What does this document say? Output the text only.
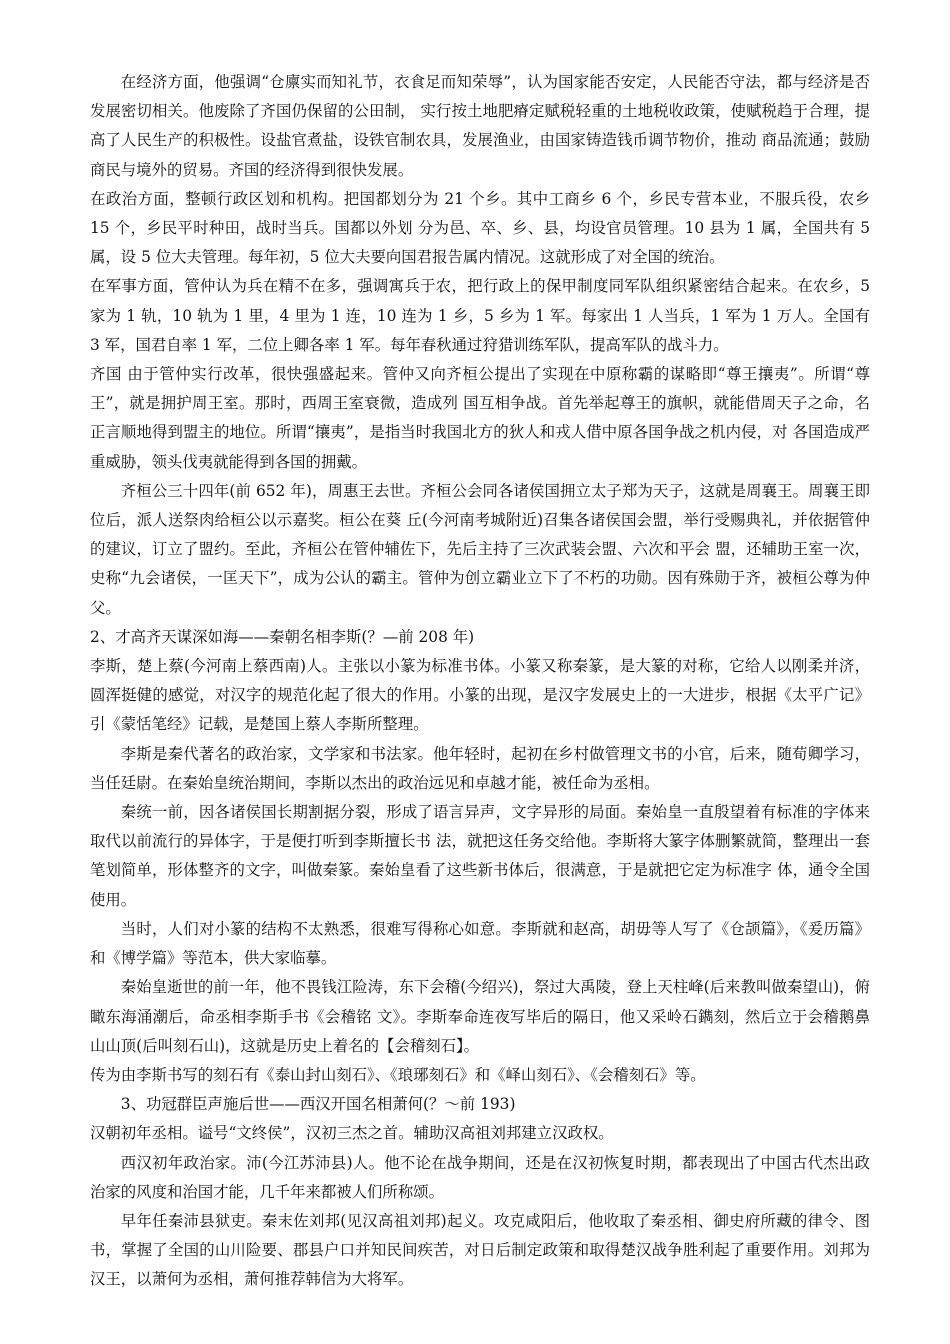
在经济方面，他强调“仓廪实而知礼节，衣食足而知荣辱”，认为国家能否安定，人民能否守法，都与经济是否发展密切相关。他废除了齐国仍保留的公田制， 实行按土地肥瘠定赋税轻重的土地税收政策，使赋税趋于合理，提高了人民生产的积极性。设盐官煮盐，设铁官制农具，发展渔业，由国家铸造钱币调节物价，推动 商品流通；鼓励商民与境外的贸易。齐国的经济得到很快发展。

在政治方面，整顿行政区划和机构。把国都划分为 21 个乡。其中工商乡 6 个，乡民专营本业，不服兵役，农乡 15 个，乡民平时种田，战时当兵。国都以外划 分为邑、卒、乡、县，均设官员管理。10 县为 1 属，全国共有 5 属，设 5 位大夫管理。每年初，5 位大夫要向国君报告属内情况。这就形成了对全国的统治。

在军事方面，管仲认为兵在精不在多，强调寓兵于农，把行政上的保甲制度同军队组织紧密结合起来。在农乡，5 家为 1 轨，10 轨为 1 里，4 里为 1 连，10 连为 1 乡，5 乡为 1 军。每家出 1 人当兵，1 军为 1 万人。全国有 3 军，国君自率 1 军，二位上卿各率 1 军。每年春秋通过狩猎训练军队，提高军队的战斗力。

齐国 由于管仲实行改革，很快强盛起来。管仲又向齐桓公提出了实现在中原称霸的谋略即“尊王攘夷”。所谓“尊王”，就是拥护周王室。那时，西周王室衰微，造成列 国互相争战。首先举起尊王的旗帜，就能借周天子之命，名正言顺地得到盟主的地位。所谓“攘夷”，是指当时我国北方的狄人和戎人借中原各国争战之机内侵，对 各国造成严重威胁，领头伐夷就能得到各国的拥戴。

齐桓公三十四年(前 652 年)，周惠王去世。齐桓公会同各诸侯国拥立太子郑为天子，这就是周襄王。周襄王即位后，派人送祭肉给桓公以示嘉奖。桓公在葵 丘(今河南考城附近)召集各诸侯国会盟，举行受赐典礼，并依据管仲的建议，订立了盟约。至此，齐桓公在管仲辅佐下，先后主持了三次武装会盟、六次和平会 盟，还辅助王室一次，史称“九会诸侯，一匡天下”，成为公认的霸主。管仲为创立霸业立下了不朽的功勋。因有殊勋于齐，被桓公尊为仲父。

2、才高齐天谋深如海——秦朝名相李斯(？—前 208 年)

李斯，楚上蔡(今河南上蔡西南)人。主张以小篆为标准书体。小篆又称秦篆，是大篆的对称，它给人以刚柔并济，圆浑挺健的感觉，对汉字的规范化起了很大的作用。小篆的出现，是汉字发展史上的一大进步，根据《太平广记》引《蒙恬笔经》记载，是楚国上蔡人李斯所整理。

李斯是秦代著名的政治家，文学家和书法家。他年轻时，起初在乡村做管理文书的小官，后来，随荀卿学习，当任廷尉。在秦始皇统治期间，李斯以杰出的政治远见和卓越才能，被任命为丞相。

秦统一前，因各诸侯国长期割据分裂，形成了语言异声，文字异形的局面。秦始皇一直殷望着有标准的字体来取代以前流行的异体字，于是便打听到李斯擅长书 法，就把这任务交给他。李斯将大篆字体删繁就简，整理出一套笔划简单，形体整齐的文字，叫做秦篆。秦始皇看了这些新书体后，很满意，于是就把它定为标准字 体，通令全国使用。

当时，人们对小篆的结构不太熟悉，很难写得称心如意。李斯就和赵高，胡毋等人写了《仓颉篇》，《爰历篇》和《博学篇》等范本，供大家临摹。

秦始皇逝世的前一年，他不畏钱江险涛，东下会稽(今绍兴)，祭过大禹陵，登上天柱峰(后来教叫做秦望山)，俯瞰东海涌潮后，命丞相李斯手书《会稽铭 文》。李斯奉命连夜写毕后的隔日，他又采岭石鐫刻，然后立于会稽鹅鼻山山顶(后叫刻石山)，这就是历史上着名的【会稽刻石】。

传为由李斯书写的刻石有《泰山封山刻石》、《琅琊刻石》和《峄山刻石》、《会稽刻石》等。

3、功冠群臣声施后世——西汉开国名相萧何(？～前 193)

汉朝初年丞相。谥号“文终侯”，汉初三杰之首。辅助汉高祖刘邦建立汉政权。

西汉初年政治家。沛(今江苏沛县)人。他不论在战争期间，还是在汉初恢复时期，都表现出了中国古代杰出政治家的风度和治国才能，几千年来都被人们所称颂。

早年任秦沛县狱吏。秦末佐刘邦(见汉高祖刘邦)起义。攻克咸阳后，他收取了秦丞相、御史府所藏的律令、图书，掌握了全国的山川险要、郡县户口并知民间疾苦，对日后制定政策和取得楚汉战争胜利起了重要作用。刘邦为汉王，以萧何为丞相，萧何推荐韩信为大将军。
